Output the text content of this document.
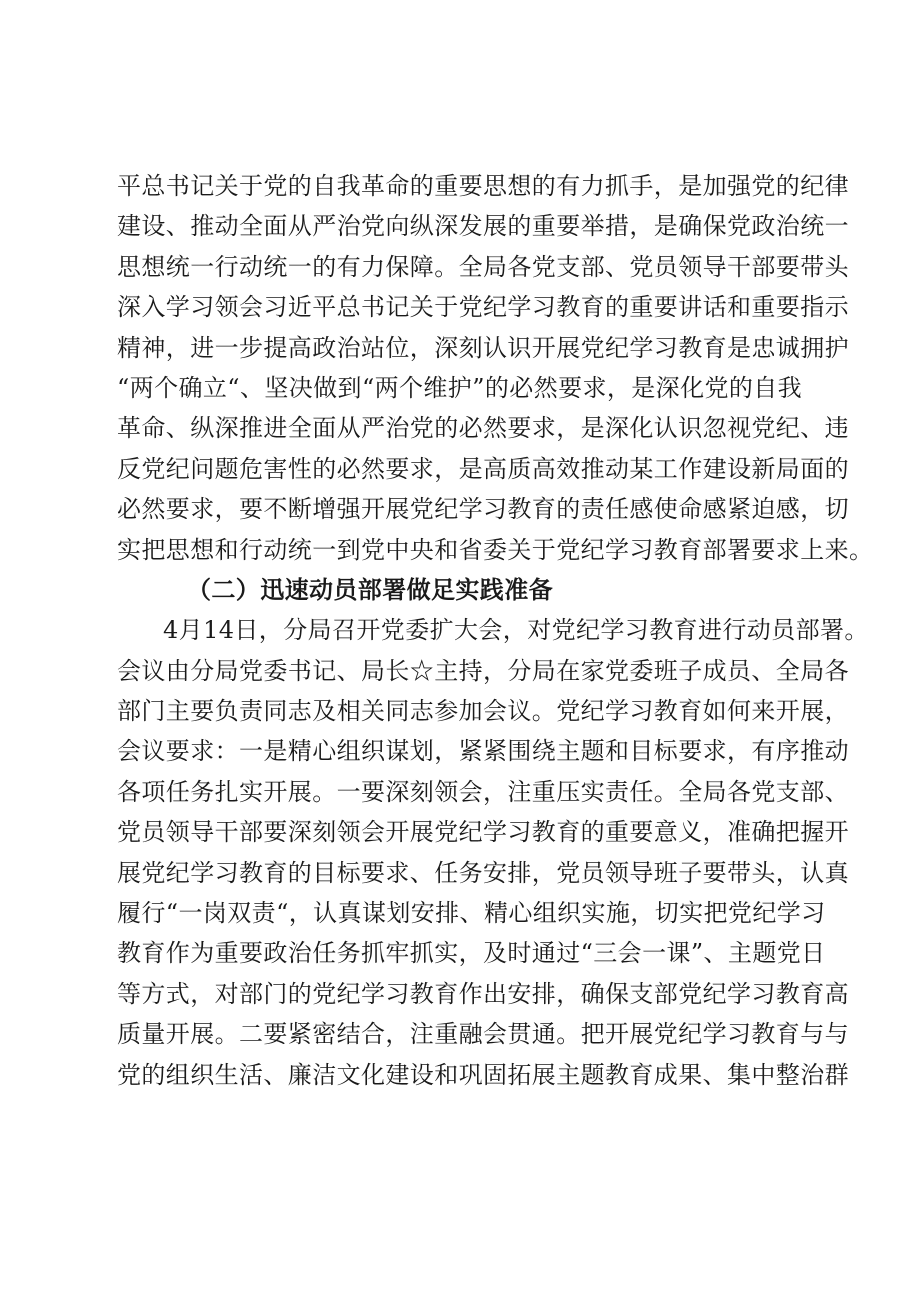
平总书记关于党的自我革命的重要思想的有力抓手，是加强党的纪律
建设、推动全面从严治党向纵深发展的重要举措，是确保党政治统一
思想统一行动统一的有力保障。全局各党支部、党员领导干部要带头
深入学习领会习近平总书记关于党纪学习教育的重要讲话和重要指示
精神，进一步提高政治站位，深刻认识开展党纪学习教育是忠诚拥护
“两个确立“、坚决做到“两个维护”的必然要求，是深化党的自我
革命、纵深推进全面从严治党的必然要求，是深化认识忽视党纪、违
反党纪问题危害性的必然要求，是高质高效推动某工作建设新局面的
必然要求，要不断增强开展党纪学习教育的责任感使命感紧迫感，切
实把思想和行动统一到党中央和省委关于党纪学习教育部署要求上来。
（二）迅速动员部署做足实践准备
4月14日，分局召开党委扩大会，对党纪学习教育进行动员部署。
会议由分局党委书记、局长☆主持，分局在家党委班子成员、全局各
部门主要负责同志及相关同志参加会议。党纪学习教育如何来开展，
会议要求：一是精心组织谋划，紧紧围绕主题和目标要求，有序推动
各项任务扎实开展。一要深刻领会，注重压实责任。全局各党支部、
党员领导干部要深刻领会开展党纪学习教育的重要意义，准确把握开
展党纪学习教育的目标要求、任务安排，党员领导班子要带头，认真
履行“一岗双责“，认真谋划安排、精心组织实施，切实把党纪学习
教育作为重要政治任务抓牢抓实，及时通过“三会一课”、主题党日
等方式，对部门的党纪学习教育作出安排，确保支部党纪学习教育高
质量开展。二要紧密结合，注重融会贯通。把开展党纪学习教育与与
党的组织生活、廉洁文化建设和巩固拓展主题教育成果、集中整治群
